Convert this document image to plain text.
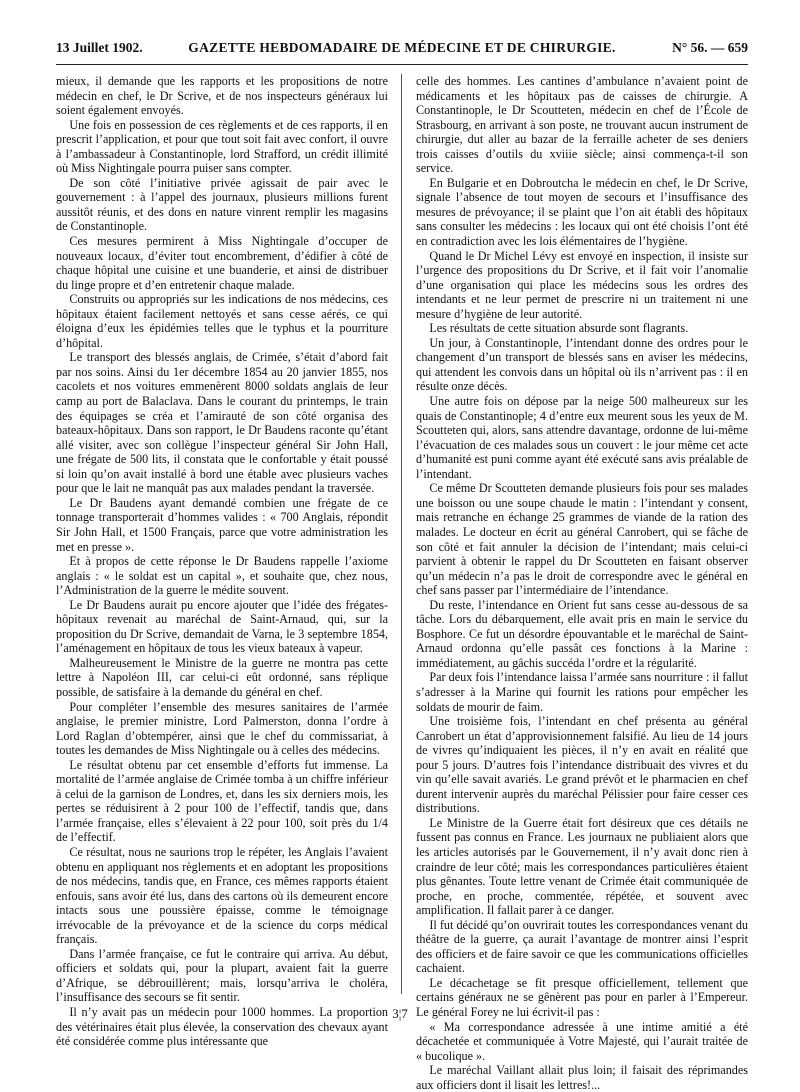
13 Juillet 1902.	GAZETTE HEBDOMADAIRE DE MÉDECINE ET DE CHIRURGIE.	N° 56. — 659

mieux, il demande que les rapports et les propositions de notre médecin en chef, le Dr Scrive, et de nos inspecteurs généraux lui soient également envoyés.

Une fois en possession de ces règlements et de ces rapports, il en prescrit l’application, et pour que tout soit fait avec confort, il ouvre à l’ambassadeur à Constantinople, lord Strafford, un crédit illimité où Miss Nightingale pourra puiser sans compter.

De son côté l’initiative privée agissait de pair avec le gouvernement : à l’appel des journaux, plusieurs millions furent aussitôt réunis, et des dons en nature vinrent remplir les magasins de Constantinople.

Ces mesures permirent à Miss Nightingale d’occuper de nouveaux locaux, d’éviter tout encombrement, d’édifier à côté de chaque hôpital une cuisine et une buanderie, et ainsi de distribuer du linge propre et d’en entretenir chaque malade.

Construits ou appropriés sur les indications de nos médecins, ces hôpitaux étaient facilement nettoyés et sans cesse aérés, ce qui éloigna d’eux les épidémies telles que le typhus et la pourriture d’hôpital.

Le transport des blessés anglais, de Crimée, s’était d’abord fait par nos soins. Ainsi du 1er décembre 1854 au 20 janvier 1855, nos cacolets et nos voitures emmenèrent 8000 soldats anglais de leur camp au port de Balaclava. Dans le courant du printemps, le train des équipages se créa et l’amirauté de son côté organisa des bateaux-hôpitaux. Dans son rapport, le Dr Baudens raconte qu’étant allé visiter, avec son collègue l’inspecteur général Sir John Hall, une frégate de 500 lits, il constata que le confortable y était poussé si loin qu’on avait installé à bord une étable avec plusieurs vaches pour que le lait ne manquât pas aux malades pendant la traversée.

Le Dr Baudens ayant demandé combien une frégate de ce tonnage transporterait d’hommes valides : « 700 Anglais, répondit Sir John Hall, et 1500 Français, parce que votre administration les met en presse ».

Et à propos de cette réponse le Dr Baudens rappelle l’axiome anglais : « le soldat est un capital », et souhaite que, chez nous, l’Administration de la guerre le médite souvent.

Le Dr Baudens aurait pu encore ajouter que l’idée des frégates-hôpitaux revenait au maréchal de Saint-Arnaud, qui, sur la proposition du Dr Scrive, demandait de Varna, le 3 septembre 1854, l’aménagement en hôpitaux de tous les vieux bateaux à vapeur.

Malheureusement le Ministre de la guerre ne montra pas cette lettre à Napoléon III, car celui-ci eût ordonné, sans réplique possible, de satisfaire à la demande du général en chef.

Pour compléter l’ensemble des mesures sanitaires de l’armée anglaise, le premier ministre, Lord Palmerston, donna l’ordre à Lord Raglan d’obtempérer, ainsi que le chef du commissariat, à toutes les demandes de Miss Nightingale ou à celles des médecins.

Le résultat obtenu par cet ensemble d’efforts fut immense. La mortalité de l’armée anglaise de Crimée tomba à un chiffre inférieur à celui de la garnison de Londres, et, dans les six derniers mois, les pertes se réduisirent à 2 pour 100 de l’effectif, tandis que, dans l’armée française, elles s’élevaient à 22 pour 100, soit près du 1/4 de l’effectif.

Ce résultat, nous ne saurions trop le répéter, les Anglais l’avaient obtenu en appliquant nos règlements et en adoptant les propositions de nos médecins, tandis que, en France, ces mêmes rapports étaient enfouis, sans avoir été lus, dans des cartons où ils demeurent encore intacts sous une poussière épaisse, comme le témoignage irrévocable de la prévoyance et de la science du corps médical français.

Dans l’armée française, ce fut le contraire qui arriva. Au début, officiers et soldats qui, pour la plupart, avaient fait la guerre d’Afrique, se débrouillèrent; mais, lorsqu’arriva le choléra, l’insuffisance des secours se fit sentir.

Il n’y avait pas un médecin pour 1000 hommes. La proportion des vétérinaires était plus élevée, la conservation des chevaux ayant été considérée comme plus intéressante que

celle des hommes. Les cantines d’ambulance n’avaient point de médicaments et les hôpitaux pas de caisses de chirurgie. A Constantinople, le Dr Scoutteten, médecin en chef de l’École de Strasbourg, en arrivant à son poste, ne trouvant aucun instrument de chirurgie, dut aller au bazar de la ferraille acheter de ses deniers trois caisses d’outils du xviiie siècle; ainsi commença-t-il son service.

En Bulgarie et en Dobroutcha le médecin en chef, le Dr Scrive, signale l’absence de tout moyen de secours et l’insuffisance des mesures de prévoyance; il se plaint que l’on ait établi des hôpitaux sans consulter les médecins : les locaux qui ont été choisis l’ont été en contradiction avec les lois élémentaires de l’hygiène.

Quand le Dr Michel Lévy est envoyé en inspection, il insiste sur l’urgence des propositions du Dr Scrive, et il fait voir l’anomalie d’une organisation qui place les médecins sous les ordres des intendants et ne leur permet de prescrire ni un traitement ni une mesure d’hygiène de leur autorité.

Les résultats de cette situation absurde sont flagrants.

Un jour, à Constantinople, l’intendant donne des ordres pour le changement d’un transport de blessés sans en aviser les médecins, qui attendent les convois dans un hôpital où ils n’arrivent pas : il en résulte onze décès.

Une autre fois on dépose par la neige 500 malheureux sur les quais de Constantinople; 4 d’entre eux meurent sous les yeux de M. Scoutteten qui, alors, sans attendre davantage, ordonne de lui-même l’évacuation de ces malades sous un couvert : le jour même cet acte d’humanité est puni comme ayant été exécuté sans avis préalable de l’intendant.

Ce même Dr Scoutteten demande plusieurs fois pour ses malades une boisson ou une soupe chaude le matin : l’intendant y consent, mais retranche en échange 25 grammes de viande de la ration des malades. Le docteur en écrit au général Canrobert, qui se fâche de son côté et fait annuler la décision de l’intendant; mais celui-ci parvient à obtenir le rappel du Dr Scoutteten en faisant observer qu’un médecin n’a pas le droit de correspondre avec le général en chef sans passer par l’intermédiaire de l’intendance.

Du reste, l’intendance en Orient fut sans cesse au-dessous de sa tâche. Lors du débarquement, elle avait pris en main le service du Bosphore. Ce fut un désordre épouvantable et le maréchal de Saint-Arnaud ordonna qu’elle passât ces fonctions à la Marine : immédiatement, au gâchis succéda l’ordre et la régularité.

Par deux fois l’intendance laissa l’armée sans nourriture : il fallut s’adresser à la Marine qui fournit les rations pour empêcher les soldats de mourir de faim.

Une troisième fois, l’intendant en chef présenta au général Canrobert un état d’approvisionnement falsifié. Au lieu de 14 jours de vivres qu’indiquaient les pièces, il n’y en avait en réalité que pour 5 jours. D’autres fois l’intendance distribuait des vivres et du vin qu’elle savait avariés. Le grand prévôt et le pharmacien en chef durent intervenir auprès du maréchal Pélissier pour faire cesser ces distributions.

Le Ministre de la Guerre était fort désireux que ces détails ne fussent pas connus en France. Les journaux ne publiaient alors que les articles autorisés par le Gouvernement, il n’y avait donc rien à craindre de leur côté; mais les correspondances particulières étaient plus gênantes. Toute lettre venant de Crimée était communiquée de proche, en proche, commentée, répétée, et souvent avec amplification. Il fallait parer à ce danger.

Il fut décidé qu’on ouvrirait toutes les correspondances venant du théâtre de la guerre, ça aurait l’avantage de montrer ainsi l’esprit des officiers et de faire savoir ce que les communications officielles cachaient.

Le décachetage se fit presque officiellement, tellement que certains généraux ne se gênèrent pas pour en parler à l’Empereur. Le général Forey ne lui écrivit-il pas :

« Ma correspondance adressée à une intime amitié a été décachetée et communiquée à Votre Majesté, qui l’aurait traitée de « bucolique ».

Le maréchal Vaillant allait plus loin; il faisait des réprimandes aux officiers dont il lisait les lettres!...

3¦7
